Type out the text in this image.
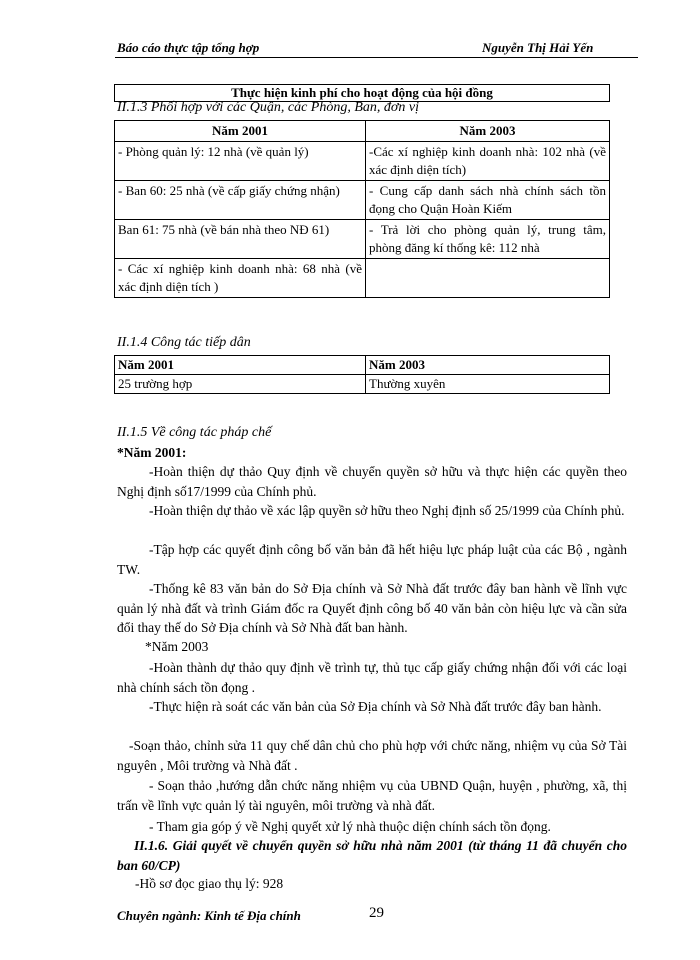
Báo cáo thực tập tổng hợp	Nguyễn Thị Hải Yến
Thực hiện kinh phí cho hoạt động của hội đồng
II.1.3 Phối hợp với các Quận, các Phòng, Ban, đơn vị
Năm 2001	Năm 2003
- Phòng quản lý: 12 nhà (về quản lý)	-Các xí nghiệp kinh doanh nhà: 102 nhà (về xác định diện tích)
- Ban 60: 25 nhà (về cấp giấy chứng nhận)	- Cung cấp danh sách nhà chính sách tồn đọng cho Quận Hoàn Kiếm
Ban 61: 75 nhà (về bán nhà theo NĐ 61)	- Trả lời cho phòng quản lý, trung tâm, phòng đăng kí thống kê: 112 nhà
- Các xí nghiệp kinh doanh nhà: 68 nhà (về xác định diện tích )	
II.1.4 Công tác tiếp dân
Năm 2001	Năm 2003
25 trường hợp	Thường xuyên
II.1.5 Về công tác pháp chế
*Năm 2001:
-Hoàn thiện dự thảo Quy định về chuyển quyền sở hữu và thực hiện các quyền theo Nghị định số17/1999 của Chính phủ.
-Hoàn thiện dự thảo về xác lập quyền sở hữu theo Nghị định số 25/1999 của Chính phủ.
-Tập hợp các quyết định công bố văn bản đã hết hiệu lực pháp luật của các Bộ , ngành TW.
-Thống kê 83 văn bản do Sở Địa chính và Sở Nhà đất trước đây ban hành về lĩnh vực quản lý nhà đất và trình Giám đốc ra Quyết định công bố 40 văn bản còn hiệu lực và cần sửa đổi thay thế do Sở Địa chính và Sở Nhà đất ban hành.
*Năm 2003
-Hoàn thành dự thảo quy định về trình tự, thủ tục cấp giấy chứng nhận đối với các loại nhà chính sách tồn đọng .
-Thực hiện rà soát các văn bản của Sở Địa chính và Sở Nhà đất trước đây ban hành.
-Soạn thảo, chỉnh sửa 11 quy chế dân chủ cho phù hợp với chức năng, nhiệm vụ của Sở Tài nguyên , Môi trường và Nhà đất .
- Soạn thảo ,hướng dẫn chức năng nhiệm vụ của UBND Quận, huyện , phường, xã, thị trấn về lĩnh vực quản lý tài nguyên, môi trường và nhà đất.
- Tham gia góp ý về Nghị quyết xử lý nhà thuộc diện chính sách tồn đọng.
II.1.6. Giải quyết về chuyển quyền sở hữu nhà năm 2001 (từ tháng 11 đã chuyển cho ban 60/CP)
-Hồ sơ đọc giao thụ lý: 928
Chuyên ngành: Kinh tế Địa chính	29
